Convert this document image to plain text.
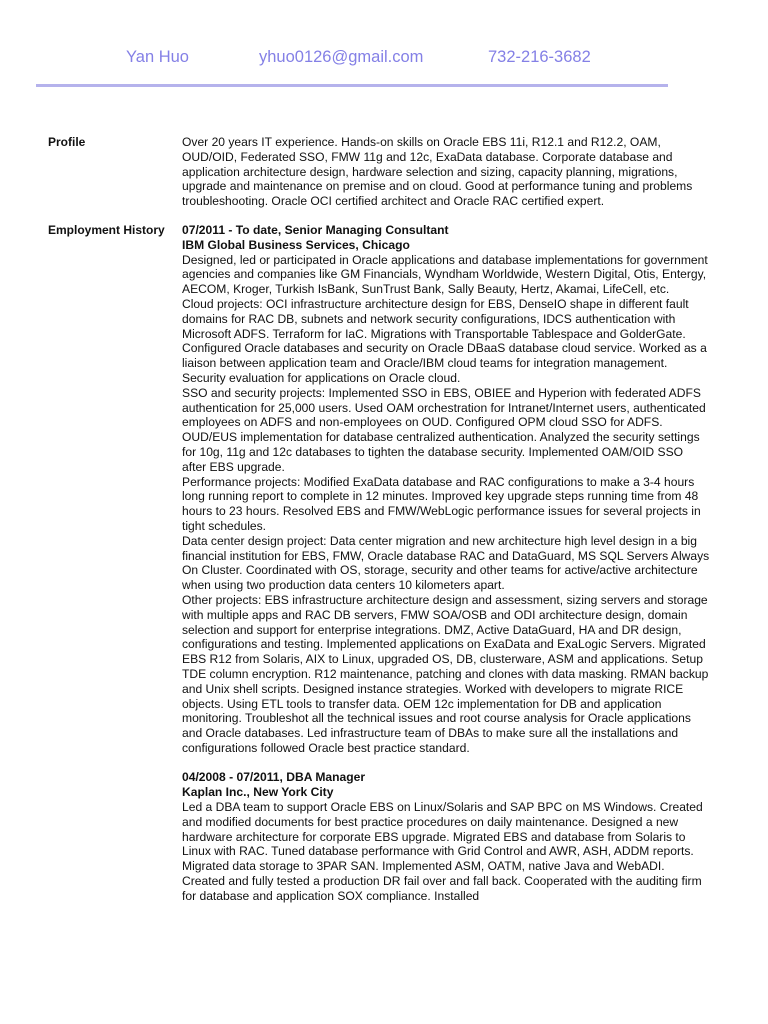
Yan Huo	yhuo0126@gmail.com	732-216-3682
Profile	Over 20 years IT experience. Hands-on skills on Oracle EBS 11i, R12.1 and R12.2, OAM, OUD/OID, Federated SSO, FMW 11g and 12c, ExaData database. Corporate database and application architecture design, hardware selection and sizing, capacity planning, migrations, upgrade and maintenance on premise and on cloud. Good at performance tuning and problems troubleshooting. Oracle OCI certified architect and Oracle RAC certified expert.

Employment History	07/2011 - To date, Senior Managing Consultant

IBM Global Business Services, Chicago

Designed, led or participated in Oracle applications and database implementations for government agencies and companies like GM Financials, Wyndham Worldwide, Western Digital, Otis, Entergy, AECOM, Kroger, Turkish IsBank, SunTrust Bank, Sally Beauty, Hertz, Akamai, LifeCell, etc.

Cloud projects: OCI infrastructure architecture design for EBS, DenseIO shape in different fault domains for RAC DB, subnets and network security configurations, IDCS authentication with Microsoft ADFS. Terraform for IaC. Migrations with Transportable Tablespace and GolderGate. Configured Oracle databases and security on Oracle DBaaS database cloud service. Worked as a liaison between application team and Oracle/IBM cloud teams for integration management. Security evaluation for applications on Oracle cloud.

SSO and security projects: Implemented SSO in EBS, OBIEE and Hyperion with federated ADFS authentication for 25,000 users. Used OAM orchestration for Intranet/Internet users, authenticated employees on ADFS and non-employees on OUD. Configured OPM cloud SSO for ADFS. OUD/EUS implementation for database centralized authentication. Analyzed the security settings for 10g, 11g and 12c databases to tighten the database security. Implemented OAM/OID SSO after EBS upgrade.

Performance projects: Modified ExaData database and RAC configurations to make a 3-4 hours long running report to complete in 12 minutes. Improved key upgrade steps running time from 48 hours to 23 hours. Resolved EBS and FMW/WebLogic performance issues for several projects in tight schedules.

Data center design project: Data center migration and new architecture high level design in a big financial institution for EBS, FMW, Oracle database RAC and DataGuard, MS SQL Servers Always On Cluster. Coordinated with OS, storage, security and other teams for active/active architecture when using two production data centers 10 kilometers apart.

Other projects: EBS infrastructure architecture design and assessment, sizing servers and storage with multiple apps and RAC DB servers, FMW SOA/OSB and ODI architecture design, domain selection and support for enterprise integrations. DMZ, Active DataGuard, HA and DR design, configurations and testing. Implemented applications on ExaData and ExaLogic Servers. Migrated EBS R12 from Solaris, AIX to Linux, upgraded OS, DB, clusterware, ASM and applications. Setup TDE column encryption. R12 maintenance, patching and clones with data masking. RMAN backup and Unix shell scripts. Designed instance strategies. Worked with developers to migrate RICE objects. Using ETL tools to transfer data. OEM 12c implementation for DB and application monitoring. Troubleshot all the technical issues and root course analysis for Oracle applications and Oracle databases. Led infrastructure team of DBAs to make sure all the installations and configurations followed Oracle best practice standard.

04/2008 - 07/2011, DBA Manager

Kaplan Inc., New York City

Led a DBA team to support Oracle EBS on Linux/Solaris and SAP BPC on MS Windows. Created and modified documents for best practice procedures on daily maintenance. Designed a new hardware architecture for corporate EBS upgrade. Migrated EBS and database from Solaris to Linux with RAC. Tuned database performance with Grid Control and AWR, ASH, ADDM reports. Migrated data storage to 3PAR SAN. Implemented ASM, OATM, native Java and WebADI. Created and fully tested a production DR fail over and fall back. Cooperated with the auditing firm for database and application SOX compliance. Installed
